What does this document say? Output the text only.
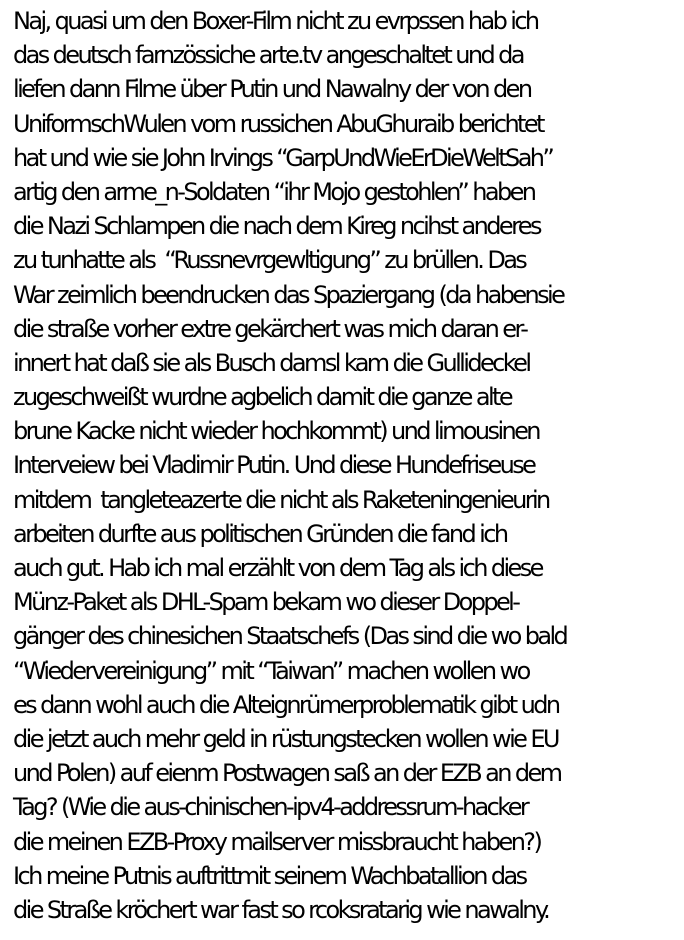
Naj, quasi um den Boxer-Film nicht zu evrpssen hab ich
das deutsch farnzössiche arte.tv angeschaltet und da
liefen dann Filme über Putin und Nawalny der von den
UniformschWulen vom russichen AbuGhuraib berichtet
hat und wie sie John Irvings “GarpUndWieErDieWeltSah”
artig den arme_n-Soldaten “ihr Mojo gestohlen” haben
die Nazi Schlampen die nach dem Kireg ncihst anderes
zu tunhatte als  “Russnevrgewltigung” zu brüllen. Das
War zeimlich beendrucken das Spaziergang (da habensie
die straße vorher extre gekärchert was mich daran er-
innert hat daß sie als Busch damsl kam die Gullideckel
zugeschweißt wurdne agbelich damit die ganze alte
brune Kacke nicht wieder hochkommt) und limousinen
Interveiew bei Vladimir Putin. Und diese Hundefriseuse
mitdem  tangleteazerte die nicht als Raketeningenieurin
arbeiten durfte aus politischen Gründen die fand ich
auch gut. Hab ich mal erzählt von dem Tag als ich diese
Münz-Paket als DHL-Spam bekam wo dieser Doppel-
gänger des chinesichen Staatschefs (Das sind die wo bald
“Wiedervereinigung” mit “Taiwan” machen wollen wo
es dann wohl auch die Alteignrümerproblematik gibt udn
die jetzt auch mehr geld in rüstungstecken wollen wie EU
und Polen) auf eienm Postwagen saß an der EZB an dem
Tag? (Wie die aus-chinischen-ipv4-addressrum-hacker
die meinen EZB-Proxy mailserver missbraucht haben?)
Ich meine Putnis auftrittmit seinem Wachbatallion das
die Straße kröchert war fast so rcoksratarig wie nawalny.
